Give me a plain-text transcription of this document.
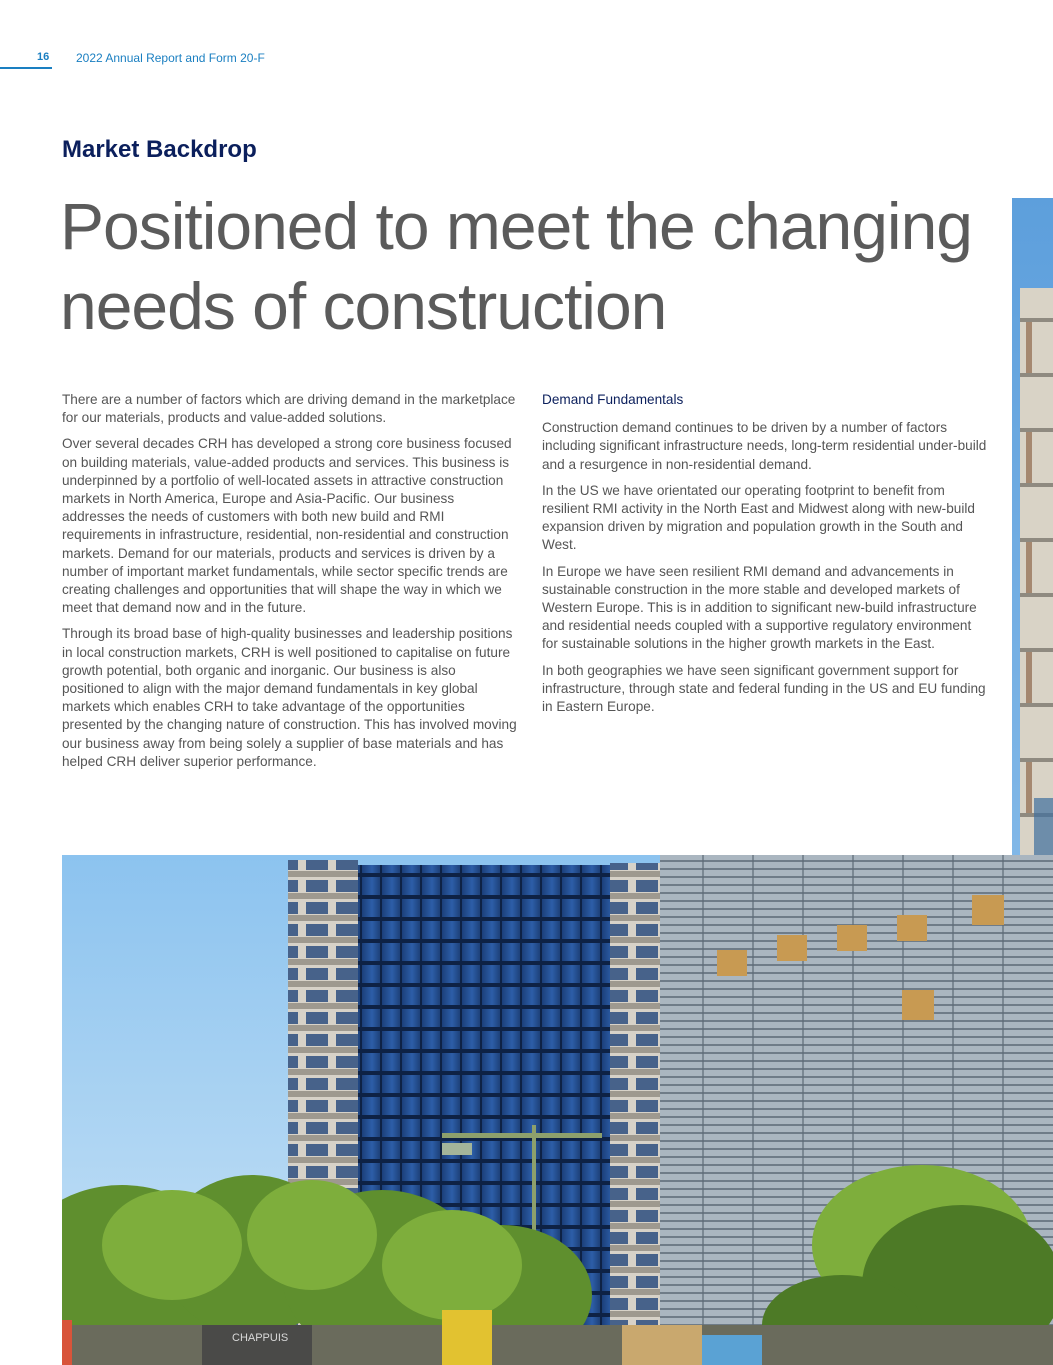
16 2022 Annual Report and Form 20-F
Market Backdrop
Positioned to meet the changing
needs of construction

There are a number of factors which are driving demand in the marketplace for our materials, products and value-added solutions.

Over several decades CRH has developed a strong core business focused on building materials, value-added products and services. This business is underpinned by a portfolio of well-located assets in attractive construction markets in North America, Europe and Asia-Pacific. Our business addresses the needs of customers with both new build and RMI requirements in infrastructure, residential, non-residential and construction markets. Demand for our materials, products and services is driven by a number of important market fundamentals, while sector specific trends are creating challenges and opportunities that will shape the way in which we meet that demand now and in the future.

Through its broad base of high-quality businesses and leadership positions in local construction markets, CRH is well positioned to capitalise on future growth potential, both organic and inorganic. Our business is also positioned to align with the major demand fundamentals in key global markets which enables CRH to take advantage of the opportunities presented by the changing nature of construction. This has involved moving our business away from being solely a supplier of base materials and has helped CRH deliver superior performance.

Demand Fundamentals

Construction demand continues to be driven by a number of factors including significant infrastructure needs, long-term residential under-build and a resurgence in non-residential demand.

In the US we have orientated our operating footprint to benefit from resilient RMI activity in the North East and Midwest along with new-build expansion driven by migration and population growth in the South and West.

In Europe we have seen resilient RMI demand and advancements in sustainable construction in the more stable and developed markets of Western Europe. This is in addition to significant new-build infrastructure and residential needs coupled with a supportive regulatory environment for sustainable solutions in the higher growth markets in the East.

In both geographies we have seen significant government support for infrastructure, through state and federal funding in the US and EU funding in Eastern Europe.

CHAPPUIS
